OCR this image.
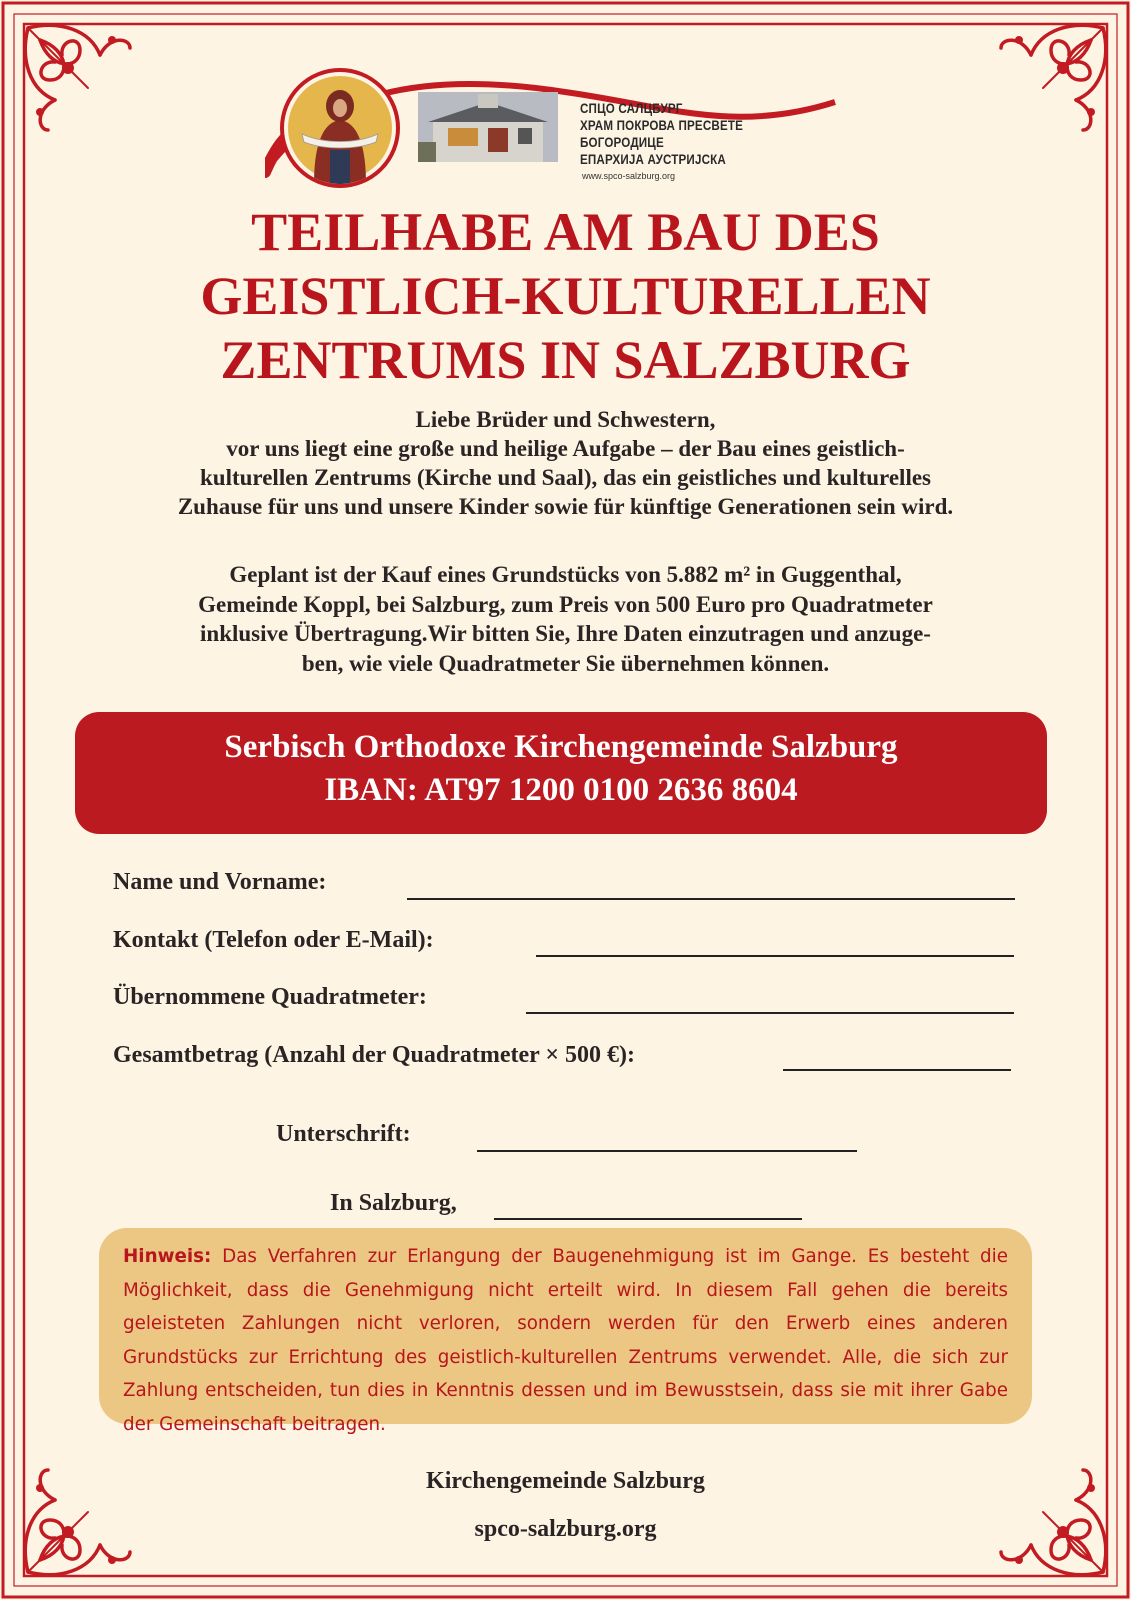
СПЦО САЛЦБУРГ
ХРАМ ПОКРОВА ПРЕСВЕТЕ БОГОРОДИЦЕ
ЕПАРХИЈА АУСТРИЈСКА
www.spco-salzburg.org
TEILHABE AM BAU DES
GEISTLICH-KULTURELLEN
ZENTRUMS IN SALZBURG
Liebe Brüder und Schwestern,
vor uns liegt eine große und heilige Aufgabe – der Bau eines geistlich-
kulturellen Zentrums (Kirche und Saal), das ein geistliches und kulturelles
Zuhause für uns und unsere Kinder sowie für künftige Generationen sein wird.
Geplant ist der Kauf eines Grundstücks von 5.882 m² in Guggenthal,
Gemeinde Koppl, bei Salzburg, zum Preis von 500 Euro pro Quadratmeter
inklusive Übertragung.Wir bitten Sie, Ihre Daten einzutragen und anzuge-
ben, wie viele Quadratmeter Sie übernehmen können.
Serbisch Orthodoxe Kirchengemeinde Salzburg
IBAN: AT97 1200 0100 2636 8604
Name und Vorname:
Kontakt (Telefon oder E-Mail):
Übernommene Quadratmeter:
Gesamtbetrag (Anzahl der Quadratmeter × 500 €):
Unterschrift:
In Salzburg,
Hinweis: Das Verfahren zur Erlangung der Baugenehmigung ist im Gange. Es besteht die Möglichkeit, dass die Genehmigung nicht erteilt wird. In diesem Fall gehen die bereits geleisteten Zahlungen nicht verloren, sondern werden für den Erwerb eines anderen Grundstücks zur Errichtung des geistlich-kulturellen Zentrums verwendet. Alle, die sich zur Zahlung entscheiden, tun dies in Kenntnis dessen und im Bewusstsein, dass sie mit ihrer Gabe der Gemeinschaft beitragen.
Kirchengemeinde Salzburg
spco-salzburg.org
